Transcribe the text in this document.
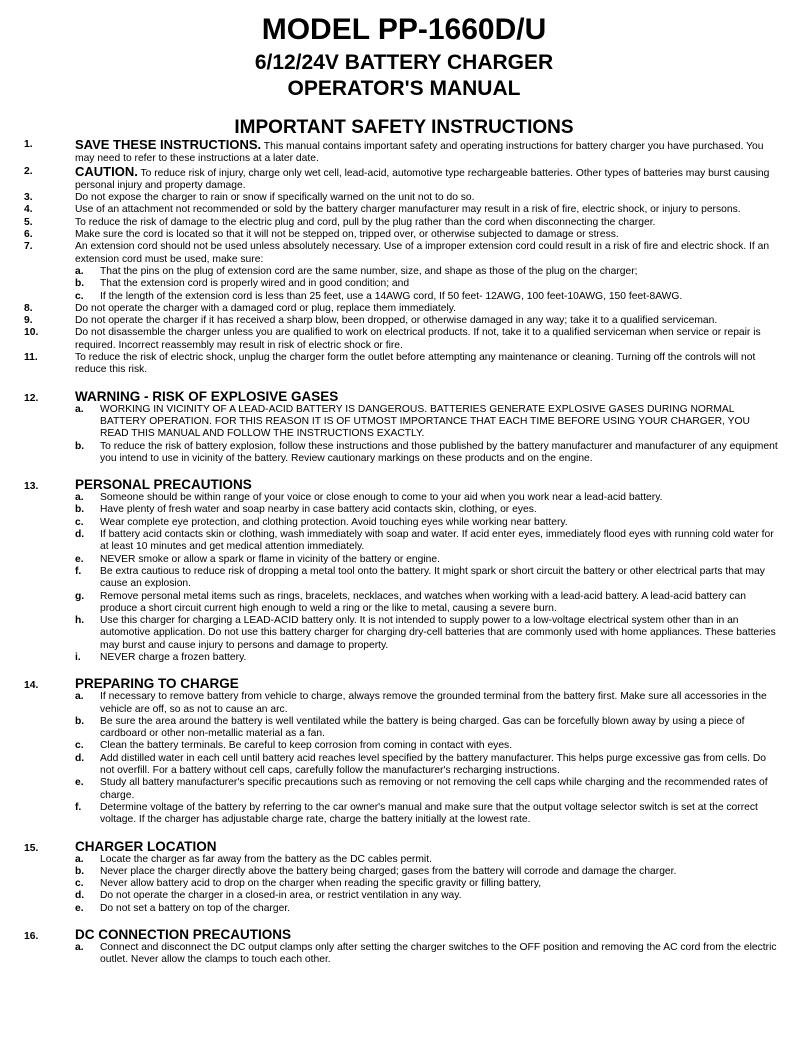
MODEL PP-1660D/U
6/12/24V BATTERY CHARGER
OPERATOR'S MANUAL
IMPORTANT SAFETY INSTRUCTIONS
1.	SAVE THESE INSTRUCTIONS. This manual contains important safety and operating instructions for battery charger you have purchased. You may need to refer to these instructions at a later date.
2.	CAUTION. To reduce risk of injury, charge only wet cell, lead-acid, automotive type rechargeable batteries. Other types of batteries may burst causing personal injury and property damage.
3.	Do not expose the charger to rain or snow if specifically warned on the unit not to do so.
4.	Use of an attachment not recommended or sold by the battery charger manufacturer may result in a risk of fire, electric shock, or injury to persons.
5.	To reduce the risk of damage to the electric plug and cord, pull by the plug rather than the cord when disconnecting the charger.
6.	Make sure the cord is located so that it will not be stepped on, tripped over, or otherwise subjected to damage or stress.
7.	An extension cord should not be used unless absolutely necessary. Use of a improper extension cord could result in a risk of fire and electric shock. If an extension cord must be used, make sure:
a. That the pins on the plug of extension cord are the same number, size, and shape as those of the plug on the charger;
b. That the extension cord is properly wired and in good condition; and
c. If the length of the extension cord is less than 25 feet, use a 14AWG cord, If 50 feet- 12AWG, 100 feet-10AWG, 150 feet-8AWG.
8.	Do not operate the charger with a damaged cord or plug, replace them immediately.
9.	Do not operate the charger if it has received a sharp blow, been dropped, or otherwise damaged in any way; take it to a qualified serviceman.
10.	Do not disassemble the charger unless you are qualified to work on electrical products. If not, take it to a qualified serviceman when service or repair is required. Incorrect reassembly may result in risk of electric shock or fire.
11.	To reduce the risk of electric shock, unplug the charger form the outlet before attempting any maintenance or cleaning. Turning off the controls will not reduce this risk.
12.	WARNING - RISK OF EXPLOSIVE GASES
a. WORKING IN VICINITY OF A LEAD-ACID BATTERY IS DANGEROUS. BATTERIES GENERATE EXPLOSIVE GASES DURING NORMAL BATTERY OPERATION. FOR THIS REASON IT IS OF UTMOST IMPORTANCE THAT EACH TIME BEFORE USING YOUR CHARGER, YOU READ THIS MANUAL AND FOLLOW THE INSTRUCTIONS EXACTLY.
b. To reduce the risk of battery explosion, follow these instructions and those published by the battery manufacturer and manufacturer of any equipment you intend to use in vicinity of the battery. Review cautionary markings on these products and on the engine.
13.	PERSONAL PRECAUTIONS
a. Someone should be within range of your voice or close enough to come to your aid when you work near a lead-acid battery.
b. Have plenty of fresh water and soap nearby in case battery acid contacts skin, clothing, or eyes.
c. Wear complete eye protection, and clothing protection. Avoid touching eyes while working near battery.
d. If battery acid contacts skin or clothing, wash immediately with soap and water. If acid enter eyes, immediately flood eyes with running cold water for at least 10 minutes and get medical attention immediately.
e. NEVER smoke or allow a spark or flame in vicinity of the battery or engine.
f. Be extra cautious to reduce risk of dropping a metal tool onto the battery. It might spark or short circuit the battery or other electrical parts that may cause an explosion.
g. Remove personal metal items such as rings, bracelets, necklaces, and watches when working with a lead-acid battery. A lead-acid battery can produce a short circuit current high enough to weld a ring or the like to metal, causing a severe burn.
h. Use this charger for charging a LEAD-ACID battery only. It is not intended to supply power to a low-voltage electrical system other than in an automotive application. Do not use this battery charger for charging dry-cell batteries that are commonly used with home appliances. These batteries may burst and cause injury to persons and damage to property.
i. NEVER charge a frozen battery.
14.	PREPARING TO CHARGE
a. If necessary to remove battery from vehicle to charge, always remove the grounded terminal from the battery first. Make sure all accessories in the vehicle are off, so as not to cause an arc.
b. Be sure the area around the battery is well ventilated while the battery is being charged. Gas can be forcefully blown away by using a piece of cardboard or other non-metallic material as a fan.
c. Clean the battery terminals. Be careful to keep corrosion from coming in contact with eyes.
d. Add distilled water in each cell until battery acid reaches level specified by the battery manufacturer. This helps purge excessive gas from cells. Do not overfill. For a battery without cell caps, carefully follow the manufacturer's recharging instructions.
e. Study all battery manufacturer's specific precautions such as removing or not removing the cell caps while charging and the recommended rates of charge.
f. Determine voltage of the battery by referring to the car owner's manual and make sure that the output voltage selector switch is set at the correct voltage. If the charger has adjustable charge rate, charge the battery initially at the lowest rate.
15.	CHARGER LOCATION
a. Locate the charger as far away from the battery as the DC cables permit.
b. Never place the charger directly above the battery being charged; gases from the battery will corrode and damage the charger.
c. Never allow battery acid to drop on the charger when reading the specific gravity or filling battery,
d. Do not operate the charger in a closed-in area, or restrict ventilation in any way.
e. Do not set a battery on top of the charger.
16.	DC CONNECTION PRECAUTIONS
a. Connect and disconnect the DC output clamps only after setting the charger switches to the OFF position and removing the AC cord from the electric outlet. Never allow the clamps to touch each other.
